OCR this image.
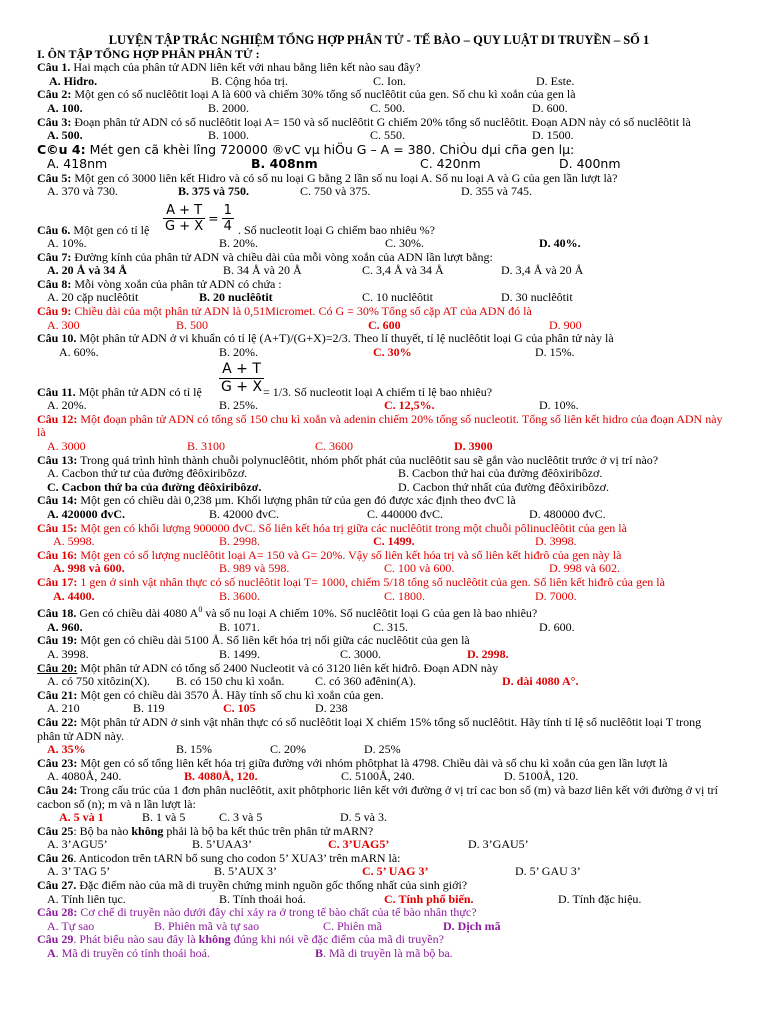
LUYỆN TẬP TRẮC NGHIỆM TỔNG HỢP PHÂN TỬ - TẾ BÀO – QUY LUẬT DI TRUYỀN – SỐ 1
I. ÔN TẬP TỔNG HỢP PHÂN PHÂN TỬ :
Câu 1. Hai mạch của phân tử ADN liên kết với nhau bằng liên kết nào sau đây?
A. Hidro.	B. Cộng hóa trị.	C. Ion.	D. Este.
Câu 2: Một gen có số nuclêôtit loại A là 600 và chiếm 30% tổng số nuclêôtit của gen. Số chu kì xoắn của gen là
A. 100.	B. 2000.	C. 500.	D. 600.
Câu 3: Đoạn phân tử ADN có số nuclêôtit loại A= 150 và số nuclêôtit G chiếm 20% tổng số nuclêôtit. Đoạn ADN này có số nuclêôtit là
A. 500.	B. 1000.	C. 550.	D. 1500.
C©u 4: Mét gen cã khèi lîng 720000 ®vC vµ hiÖu G – A = 380. ChiÒu dµi cña gen lµ:
A. 418nm	B. 408nm	C. 420nm	D. 400nm
Câu 5: Một gen có 3000 liên kết Hidro và có số nu loại G bằng 2 lần số nu loại A. Số nu loại A và G của gen lần lượt là?
A. 370 và 730.	B. 375 và 750.	C. 750 và 375.	D. 355 và 745.
Câu 6. Một gen có tỉ lệ $\frac{A + T}{G + X} = \frac{1}{4}$ . Số nucleotit loại G chiếm bao nhiêu %?
A. 10%.	B. 20%.	C. 30%.	D. 40%.
Câu 7: Đường kính của phân tử ADN và chiều dài của mỗi vòng xoắn của ADN lần lượt bằng:
A. 20 Å và 34 Å	B. 34 Å và 20 Å	C. 3,4 Å và 34 Å	D. 3,4 Å và 20 Å
Câu 8: Mỗi vòng xoắn của phân tử ADN có chứa :
A. 20 cặp nuclêôtit	B. 20 nuclêôtit	C. 10 nuclêôtit	D. 30 nuclêôtit
Câu 9: Chiều dài của một phân tử ADN là 0,51Micromet. Có G = 30% Tổng số cặp AT của ADN đó là
A. 300	B. 500	C. 600	D. 900
Câu 10. Một phân tử ADN ở vi khuẩn có tỉ lệ (A+T)/(G+X)=2/3. Theo lí thuyết, tỉ lệ nuclêôtit loại G của phân tử này là
A. 60%.	B. 20%.	C. 30%	D. 15%.
Câu 11. Một phân tử ADN có tỉ lệ $\frac{A + T}{G + X}$
= 1/3. Số nucleotit loại A chiếm tỉ lệ bao nhiêu?
A. 20%.	B. 25%.	C. 12,5%.	D. 10%.
Câu 12: Một đoạn phân tử ADN có tổng số 150 chu kì xoắn và adenin chiếm 20% tổng số nucleotit. Tổng số liên kết hidro của đoạn ADN này là
A. 3000	B. 3100	C. 3600	D. 3900
Câu 13: Trong quá trình hình thành chuỗi polynuclêôtit, nhóm phốt phát của nuclêôtit sau sẽ gắn vào nuclêôtit trước ở vị trí nào?
A. Cacbon thứ tư của đường đêôxiribôzơ.	B. Cacbon thứ hai của đường đêôxiribôzơ.
C. Cacbon thứ ba của đường đêôxiribôzơ.	D. Cacbon thứ nhất của đường đêôxiribôzơ.
Câu 14: Một gen có chiều dài 0,238 µm. Khối lượng phân tử của gen đó được xác định theo đvC là
A. 420000 đvC.	B. 42000 đvC.	C. 440000 đvC.	D. 480000 đvC.
Câu 15: Một gen có khối lượng 900000 đvC. Số liên kết hóa trị giữa các nuclêôtit trong một chuỗi pôlinuclêôtit của gen là
A. 5998.	B. 2998.	C. 1499.	D. 3998.
Câu 16: Một gen có số lượng nuclêôtit loại A= 150 và G= 20%. Vậy số liên kết hóa trị và số liên kết hiđrô của gen này là
A. 998 và 600.	B. 989 và 598.	C. 100 và 600.	D. 998 và 602.
Câu 17: 1 gen ở sinh vật nhân thực có số nuclêôtit loại T= 1000, chiếm 5/18 tổng số nuclêôtit của gen. Số liên kết hiđrô của gen là
A. 4400.	B. 3600.	C. 1800.	D. 7000.
Câu 18. Gen có chiều dài 4080 $A^0$ và số nu loại A chiếm 10%. Số nuclêôtit loại G của gen là bao nhiêu?
A. 960.	B. 1071.	C. 315.	D. 600.
Câu 19: Một gen có chiều dài 5100 Å. Số liên kết hóa trị nối giữa các nuclêôtit của gen là
A. 3998.	B. 1499.	C. 3000.	D. 2998.
Câu 20: Một phân tử ADN có tổng số 2400 Nucleotit và có 3120 liên kết hiđrô. Đoạn ADN này
A. có 750 xitôzin(X). B. có 150 chu kì xoắn.	C. có 360 ađênin(A).	D. dài 4080 A°.
Câu 21: Một gen có chiều dài 3570 Å. Hãy tính số chu kì xoắn của gen.
A. 210	B. 119	C. 105	D. 238
Câu 22: Một phân tử ADN ở sinh vật nhân thực có số nuclêôtit loại X chiếm 15% tổng số nuclêôtit. Hãy tính tỉ lệ số nuclêôtit loại T trong phân tử ADN này.
A. 35%	B. 15%	C. 20%	D. 25%
Câu 23: Một gen có số tổng liên kết hóa trị giữa đường với nhóm phôtphat là 4798. Chiều dài và số chu kì xoắn của gen lần lượt là
A. 4080Å, 240.	B. 4080Å, 120.	C. 5100Å, 240.	D. 5100Å, 120.
Câu 24: Trong cấu trúc của 1 đơn phân nuclêôtit, axit phôtphoric liên kết với đường ở vị trí cac bon số (m) và bazơ liên kết với đường ở vị trí cacbon số (n); m và n lần lượt là:
A. 5 và 1	B. 1 và 5	C. 3 và 5	D. 5 và 3.
Câu 25: Bộ ba nào không phải là bộ ba kết thúc trên phân tử mARN?
A. 3’AGU5’	B. 5’UAA3’	C. 3’UAG5’	D. 3’GAU5’
Câu 26. Anticodon trên tARN bổ sung cho codon 5’ XUA3’ trên mARN là:
A. 3’ TAG 5’	B. 5’AUX 3’	C. 5’ UAG 3’	D. 5’ GAU 3’
Câu 27. Đặc điểm nào của mã di truyền chứng minh nguồn gốc thống nhất của sinh giới?
A. Tính liên tục.	B. Tính thoái hoá.	C. Tính phổ biến.	D. Tính đặc hiệu.
Câu 28: Cơ chế di truyền nào dưới đây chỉ xảy ra ở trong tế bào chất của tế bào nhân thực?
A. Tự sao	B. Phiên mã và tự sao	C. Phiên mã	D. Dịch mã
Câu 29. Phát biểu nào sau đây là không đúng khi nói về đặc điểm của mã di truyền?
A. Mã di truyền có tính thoái hoá.	B. Mã di truyền là mã bộ ba.
